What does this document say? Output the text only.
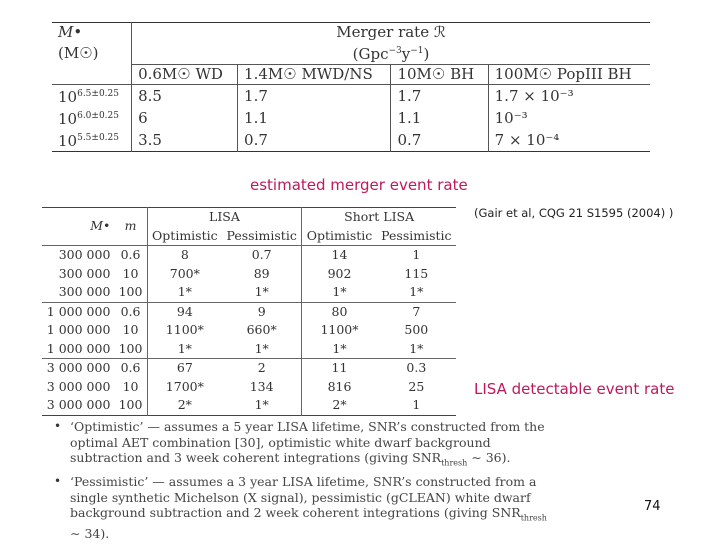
M•	Merger rate ℛ			
(M☉)	$(Gpc^{-3}y^{-1})$			
	0.6M☉ WD	1.4M☉ MWD/NS	10M☉ BH	100M☉ PopIII BH
$10^{6.5\pm 0.25}$	8.5	1.7	1.7	1.7 × 10⁻³
$10^{6.0\pm 0.25}$	6	1.1	1.1	10⁻³
$10^{5.5\pm 0.25}$	3.5	0.7	0.7	7 × 10⁻⁴
estimated merger event rate
(Gair et al, CQG 21 S1595 (2004) )
M•	m	LISA		Short LISA	
		Optimistic	Pessimistic	Optimistic	Pessimistic
300 000	0.6	8	0.7	14	1
300 000	10	700*	89	902	115
300 000	100	1*	1*	1*	1*
1 000 000	0.6	94	9	80	7
1 000 000	10	1100*	660*	1100*	500
1 000 000	100	1*	1*	1*	1*
3 000 000	0.6	67	2	11	0.3
3 000 000	10	1700*	134	816	25
3 000 000	100	2*	1*	2*	1
LISA detectable event rate
• ‘Optimistic’ — assumes a 5 year LISA lifetime, SNR’s constructed from the optimal AET combination [30], optimistic white dwarf background subtraction and 3 week coherent integrations (giving $SNR_{thresh}$ ∼ 36).
• ‘Pessimistic’ — assumes a 3 year LISA lifetime, SNR’s constructed from a single synthetic Michelson (X signal), pessimistic (gCLEAN) white dwarf background subtraction and 2 week coherent integrations (giving $SNR_{thresh}$ ∼ 34).
74
